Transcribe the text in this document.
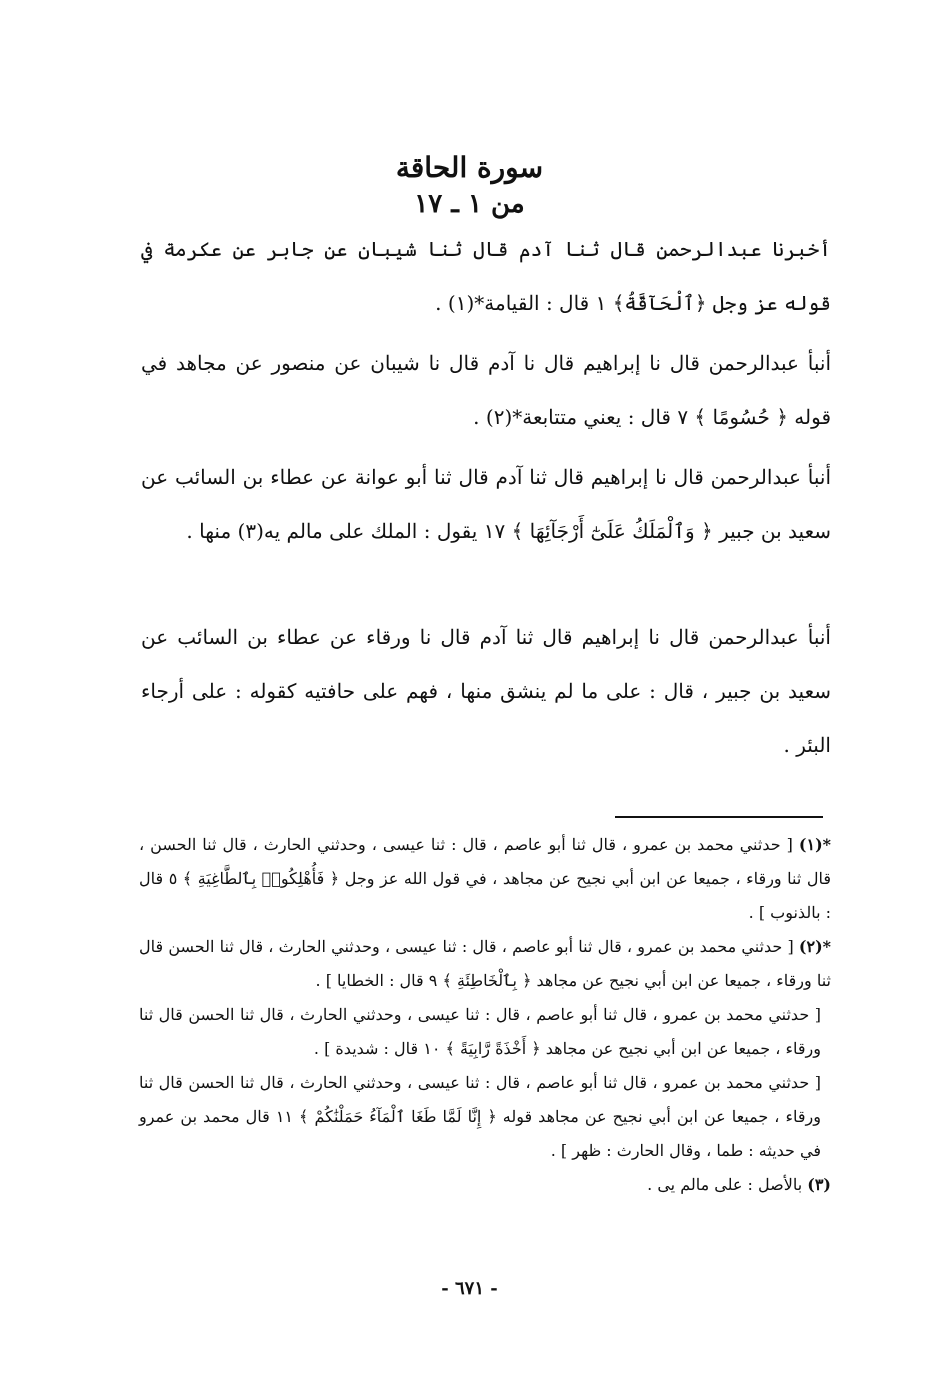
سورة الحاقة
من ١ ـ ١٧

أخبرنا عبدالرحمن قال ثنا آدم قال ثنا شيبان عن جابر عن عكرمة في قوله عز وجل ﴿ٱلْحَآقَّةُ﴾ ١ قال : القيامة*(١) .

أنبأ عبدالرحمن قال نا إبراهيم قال نا آدم قال نا شيبان عن منصور عن مجاهد في قوله ﴿ حُسُومًا ﴾ ٧ قال : يعني متتابعة*(٢) .

أنبأ عبدالرحمن قال نا إبراهيم قال ثنا آدم قال ثنا أبو عوانة عن عطاء بن السائب عن سعيد بن جبير ﴿ وَٱلْمَلَكُ عَلَىٰٓ أَرْجَآئِهَا ﴾ ١٧ يقول : الملك على مالم يه(٣) منها .

أنبأ عبدالرحمن قال نا إبراهيم قال ثنا آدم قال نا ورقاء عن عطاء بن السائب عن سعيد بن جبير ، قال : على ما لم ينشق منها ، فهم على حافتيه كقوله : على أرجاء البئر .

*(١) [ حدثني محمد بن عمرو ، قال ثنا أبو عاصم ، قال : ثنا عيسى ، وحدثني الحارث ، قال ثنا الحسن ، قال ثنا ورقاء ، جميعا عن ابن أبي نجيح عن مجاهد ، في قول الله عز وجل ﴿ فَأُهْلِكُوا۟ بِٱلطَّاغِيَةِ ﴾ ٥ قال : بالذنوب ] .

*(٢) [ حدثني محمد بن عمرو ، قال ثنا أبو عاصم ، قال : ثنا عيسى ، وحدثني الحارث ، قال ثنا الحسن قال ثنا ورقاء ، جميعا عن ابن أبي نجيح عن مجاهد ﴿ بِٱلْخَاطِئَةِ ﴾ ٩ قال : الخطايا ] .

[ حدثني محمد بن عمرو ، قال ثنا أبو عاصم ، قال : ثنا عيسى ، وحدثني الحارث ، قال ثنا الحسن قال ثنا ورقاء ، جميعا عن ابن أبي نجيح عن مجاهد ﴿ أَخْذَةً رَّابِيَةً ﴾ ١٠ قال : شديدة ] .

[ حدثني محمد بن عمرو ، قال ثنا أبو عاصم ، قال : ثنا عيسى ، وحدثني الحارث ، قال ثنا الحسن قال ثنا ورقاء ، جميعا عن ابن أبي نجيح عن مجاهد قوله ﴿ إِنَّا لَمَّا طَغَا ٱلْمَآءُ حَمَلْنَٰكُمْ ﴾ ١١ قال محمد بن عمرو في حديثه : طما ، وقال الحارث : ظهر ] .

(٣) بالأصل : على مالم يى .

- ٦٧١ -
